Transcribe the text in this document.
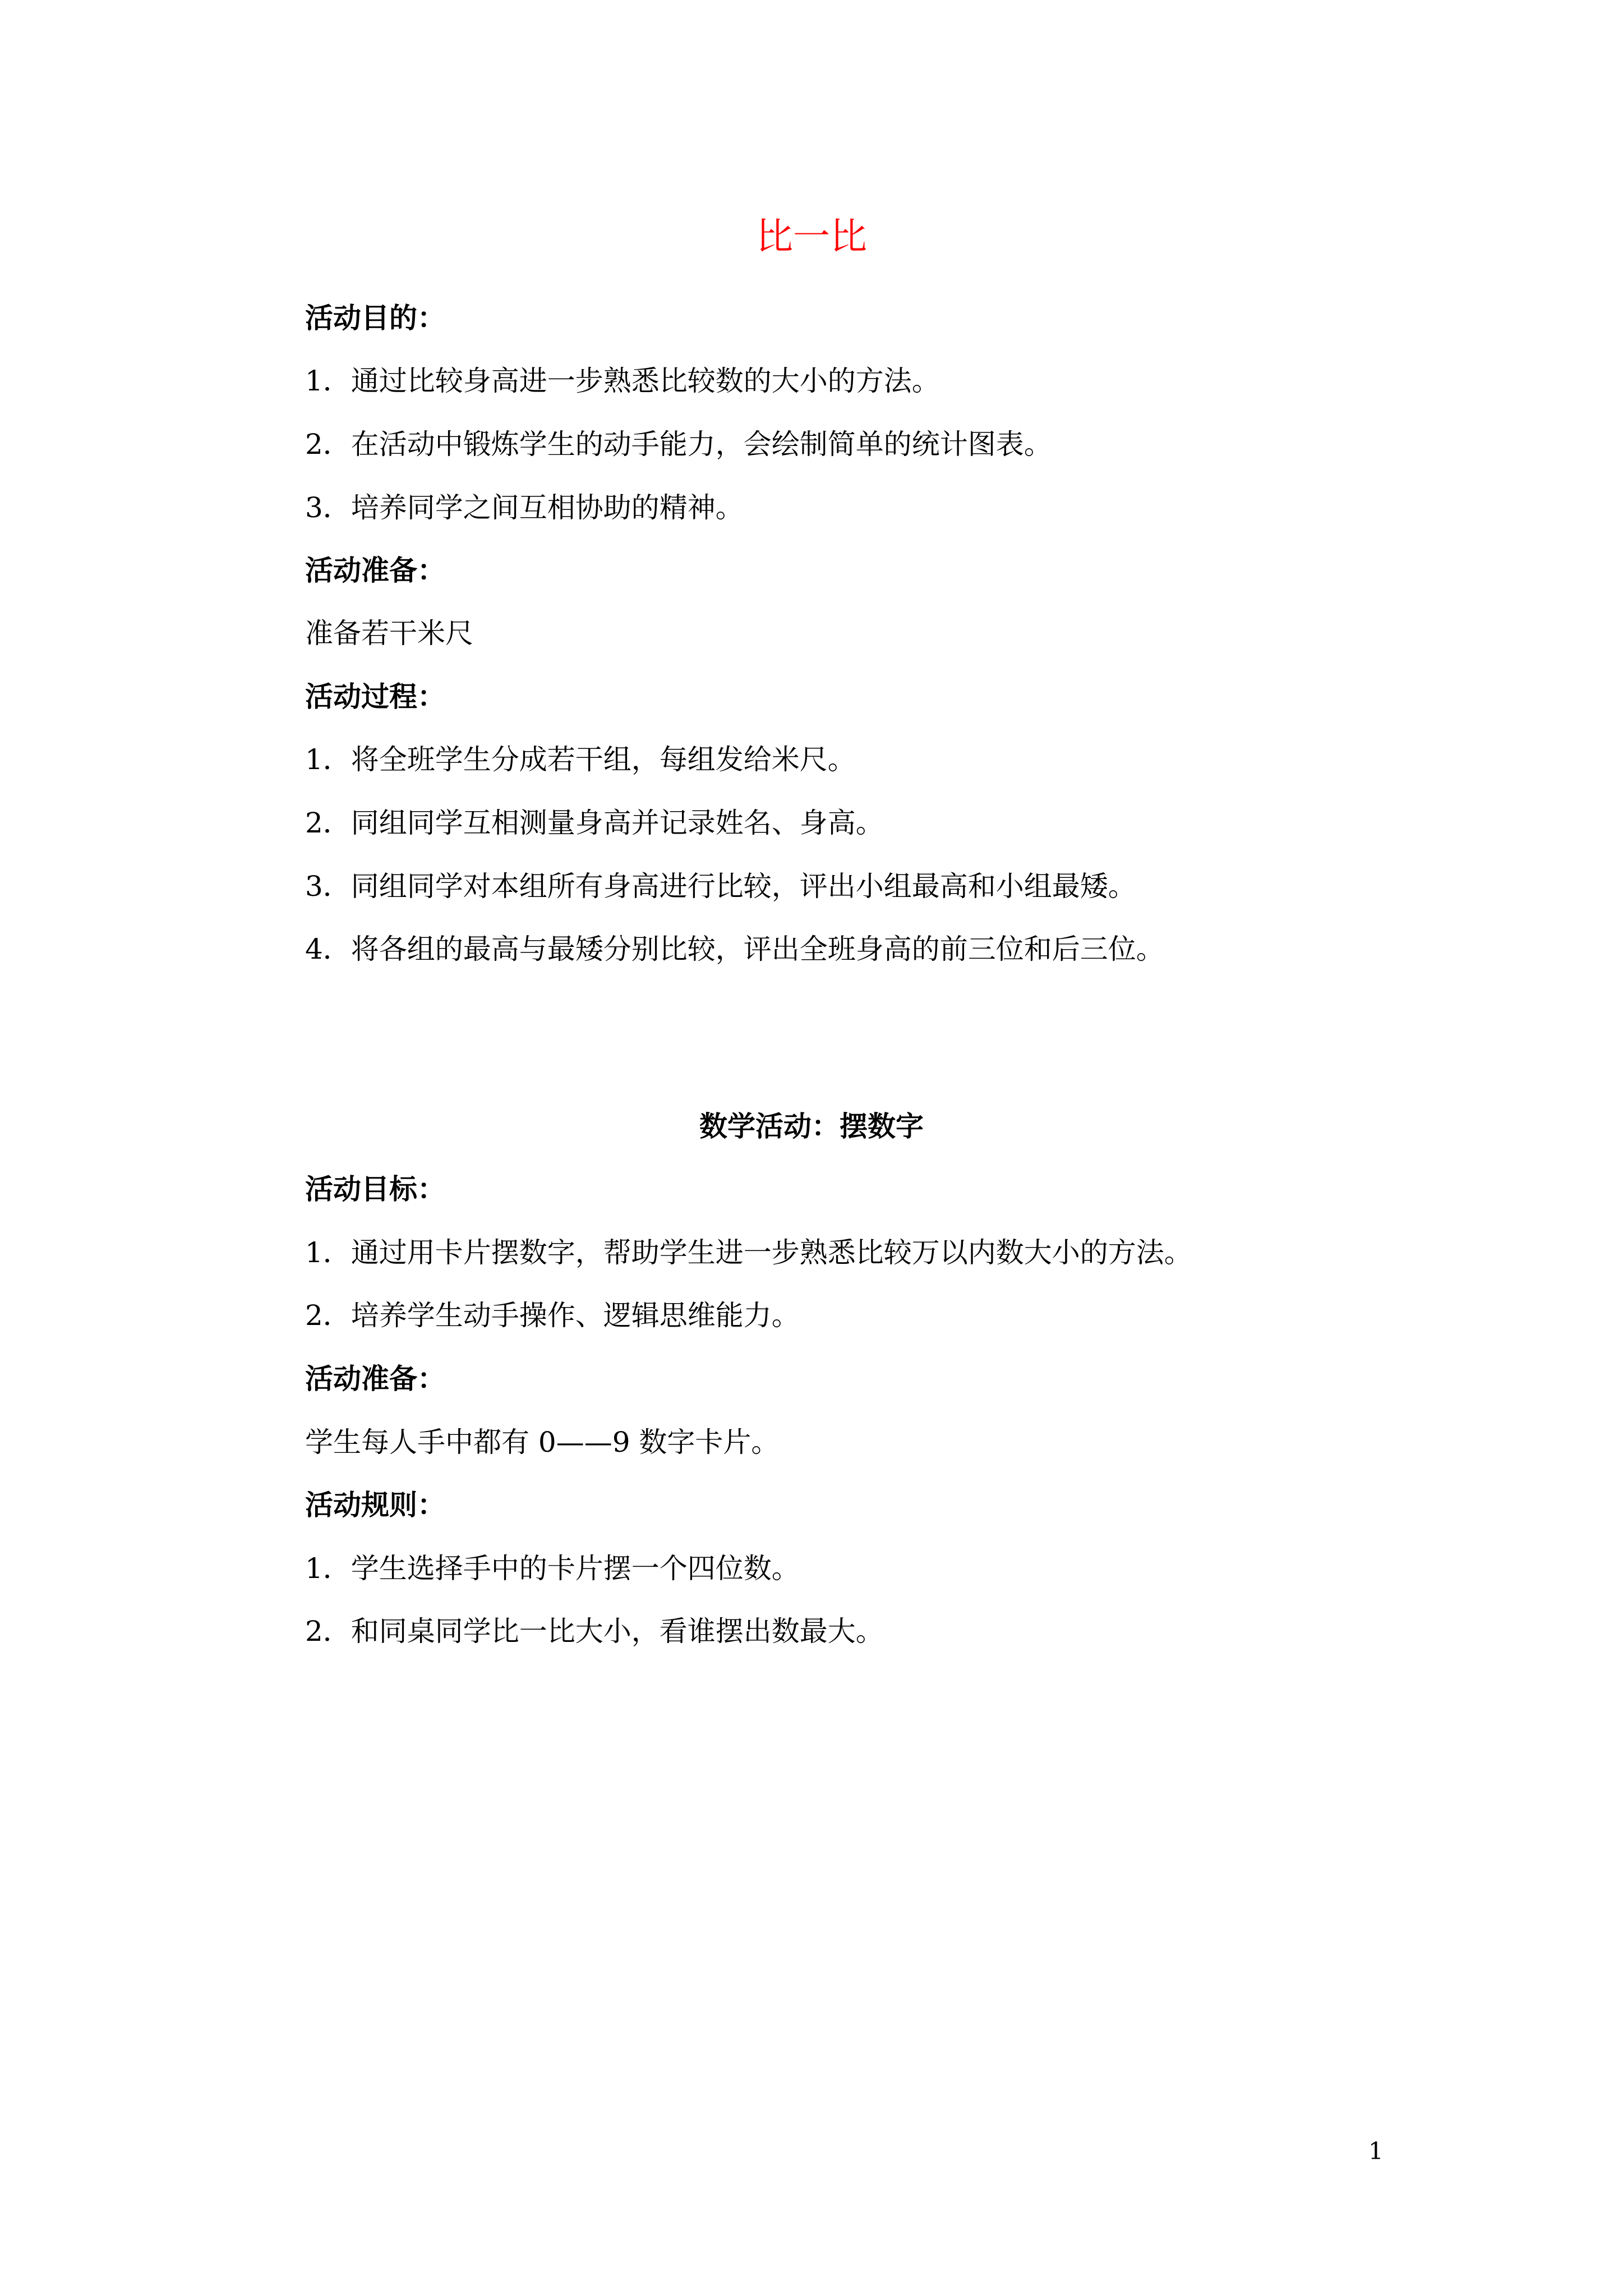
比一比
活动目的：
1．通过比较身高进一步熟悉比较数的大小的方法。
2．在活动中锻炼学生的动手能力，会绘制简单的统计图表。
3．培养同学之间互相协助的精神。
活动准备：
准备若干米尺
活动过程：
1．将全班学生分成若干组，每组发给米尺。
2．同组同学互相测量身高并记录姓名、身高。
3．同组同学对本组所有身高进行比较，评出小组最高和小组最矮。
4．将各组的最高与最矮分别比较，评出全班身高的前三位和后三位。
数学活动：摆数字
活动目标：
1．通过用卡片摆数字，帮助学生进一步熟悉比较万以内数大小的方法。
2．培养学生动手操作、逻辑思维能力。
活动准备：
学生每人手中都有 0——9 数字卡片。
活动规则：
1．学生选择手中的卡片摆一个四位数。
2．和同桌同学比一比大小，看谁摆出数最大。
1
